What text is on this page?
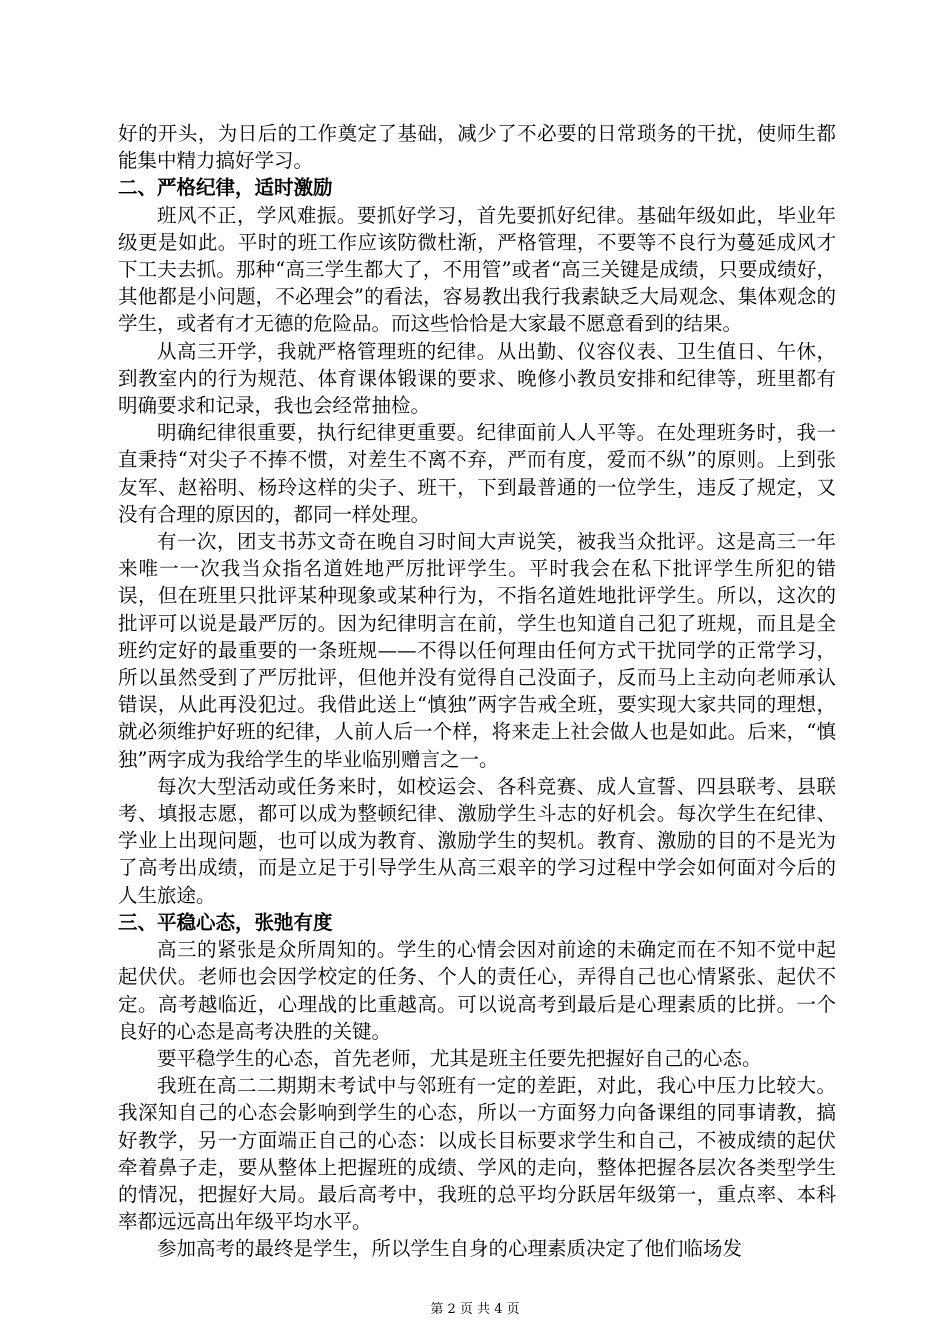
好的开头，为日后的工作奠定了基础，减少了不必要的日常琐务的干扰，使师生都能集中精力搞好学习。

二、严格纪律，适时激励

班风不正，学风难振。要抓好学习，首先要抓好纪律。基础年级如此，毕业年级更是如此。平时的班工作应该防微杜渐，严格管理，不要等不良行为蔓延成风才下工夫去抓。那种“高三学生都大了，不用管”或者“高三关键是成绩，只要成绩好，其他都是小问题，不必理会”的看法，容易教出我行我素缺乏大局观念、集体观念的学生，或者有才无德的危险品。而这些恰恰是大家最不愿意看到的结果。

从高三开学，我就严格管理班的纪律。从出勤、仪容仪表、卫生值日、午休，到教室内的行为规范、体育课体锻课的要求、晚修小教员安排和纪律等，班里都有明确要求和记录，我也会经常抽检。

明确纪律很重要，执行纪律更重要。纪律面前人人平等。在处理班务时，我一直秉持“对尖子不捧不惯，对差生不离不弃，严而有度，爱而不纵”的原则。上到张友军、赵裕明、杨玲这样的尖子、班干，下到最普通的一位学生，违反了规定，又没有合理的原因的，都同一样处理。

有一次，团支书苏文奇在晚自习时间大声说笑，被我当众批评。这是高三一年来唯一一次我当众指名道姓地严厉批评学生。平时我会在私下批评学生所犯的错误，但在班里只批评某种现象或某种行为，不指名道姓地批评学生。所以，这次的批评可以说是最严厉的。因为纪律明言在前，学生也知道自己犯了班规，而且是全班约定好的最重要的一条班规——不得以任何理由任何方式干扰同学的正常学习，所以虽然受到了严厉批评，但他并没有觉得自己没面子，反而马上主动向老师承认错误，从此再没犯过。我借此送上“慎独”两字告戒全班，要实现大家共同的理想，就必须维护好班的纪律，人前人后一个样，将来走上社会做人也是如此。后来，“慎独”两字成为我给学生的毕业临别赠言之一。

每次大型活动或任务来时，如校运会、各科竞赛、成人宣誓、四县联考、县联考、填报志愿，都可以成为整顿纪律、激励学生斗志的好机会。每次学生在纪律、学业上出现问题，也可以成为教育、激励学生的契机。教育、激励的目的不是光为了高考出成绩，而是立足于引导学生从高三艰辛的学习过程中学会如何面对今后的人生旅途。

三、平稳心态，张弛有度

高三的紧张是众所周知的。学生的心情会因对前途的未确定而在不知不觉中起起伏伏。老师也会因学校定的任务、个人的责任心，弄得自己也心情紧张、起伏不定。高考越临近，心理战的比重越高。可以说高考到最后是心理素质的比拼。一个良好的心态是高考决胜的关键。

要平稳学生的心态，首先老师，尤其是班主任要先把握好自己的心态。

我班在高二二期期末考试中与邻班有一定的差距，对此，我心中压力比较大。我深知自己的心态会影响到学生的心态，所以一方面努力向备课组的同事请教，搞好教学，另一方面端正自己的心态：以成长目标要求学生和自己，不被成绩的起伏牵着鼻子走，要从整体上把握班的成绩、学风的走向，整体把握各层次各类型学生的情况，把握好大局。最后高考中，我班的总平均分跃居年级第一，重点率、本科率都远远高出年级平均水平。

参加高考的最终是学生，所以学生自身的心理素质决定了他们临场发

第 2 页 共 4 页
